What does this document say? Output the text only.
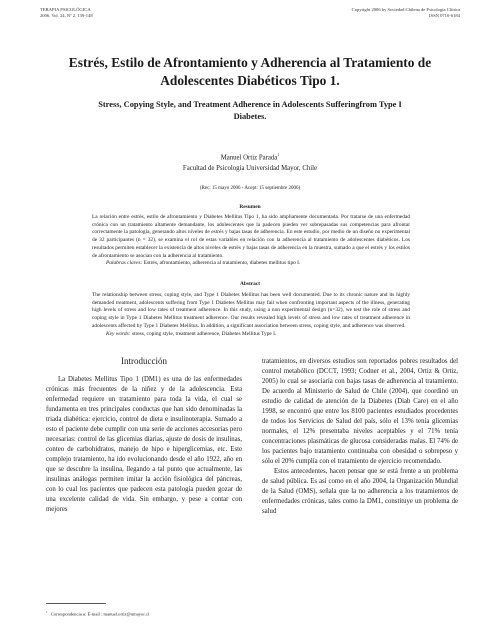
TERAPIA PSICOLÓGICA
2006, Vol. 24, Nº 2, 139-148
Copyright 2006 by Sociedad Chilena de Psicología Clínica
ISSN 0716-6184
Estrés, Estilo de Afrontamiento y Adherencia al Tratamiento de
Adolescentes Diabéticos Tipo 1.
Stress, Copying Style, and Treatment Adherence in Adolescents Sufferingfrom Type I
Diabetes.
Manuel Ortiz Parada$^1$
Facultad de Psicología Universidad Mayor, Chile
(Rec: 15 mayo 2006 - Acept: 15 septiembre 2006)
Resumen
La relación entre estrés, estilo de afrontamiento y Diabetes Mellitus Tipo 1, ha sido ampliamente documentada. Por tratarse de una enfermedad crónica con un tratamiento altamente demandante, los adolescentes que la padecen pueden ver sobrepasadas sus competencias para afrontar correctamente la patología, generando altos niveles de estrés y bajas tasas de adherencia. En este estudio, por medio de un diseño no experimental de 32 participantes (n = 32), se examina el rol de estas variables en relación con la adherencia al tratamiento de adolescentes diabéticos. Los resultados permiten establecer la existencia de altos niveles de estrés y bajas tasas de adherencia en la muestra, sumado a que el estrés y los estilos de afrontamiento se asocian con la adherencia al tratamiento.
Palabras claves: Estrés, afrontamiento, adherencia al tratamiento, diabetes mellitus tipo I.
Abstract
The relationship between stress, coping style, and Type 1 Diabetes Mellitus has been well documented. Due to its chronic nature and its highly demanded treatment, adolescents suffering from Type 1 Diabetes Mellitus may fail when confronting important aspects of the illness, generating high levels of stress and low rates of treatment adherence. In this study, using a non experimental design (n=32), we test the role of stress and coping style in Type 1 Diabetes Mellitus treatment adherence. Our results revealed high levels of stress and low rates of treatment adherence in adolescents affected by Type 1 Diabetes Mellitus. In addition, a significant association between stress, coping style, and adherence was observed.
Key words: stress, coping style, treatment adherence, Diabetes Mellitus Type I.
Introducción

La Diabetes Mellitus Tipo 1 (DM1) es una de las enfermedades crónicas más frecuentes de la niñez y de la adolescencia. Esta enfermedad requiere un tratamiento para toda la vida, el cual se fundamenta en tres principales conductas que han sido denominadas la triada diabética: ejercicio, control de dieta e insulinoterapia. Sumado a esto el paciente debe cumplir con una serie de acciones accesorias pero necesarias: control de las glicemias diarias, ajuste de dosis de insulinas, conteo de carbohidratos, manejo de hipo e hiperglicemias, etc. Este complejo tratamiento, ha ido evolucionando desde el año 1922, año en que se descubre la insulina, llegando a tal punto que actualmente, las insulinas análogas permiten imitar la acción fisiológica del páncreas, con lo cual los pacientes que padecen esta patología pueden gozar de una excelente calidad de vida. Sin embargo, y pese a contar con mejores

tratamientos, en diversos estudios son reportados pobres resultados del control metabólico (DCCT, 1993; Codner et al., 2004, Ortiz & Ortiz, 2005) lo cual se asociaría con bajas tasas de adherencia al tratamiento. De acuerdo al Ministerio de Salud de Chile (2004), que coordinó un estudio de calidad de atención de la Diabetes (Diab Care) en el año 1998, se encontró que entre los 8100 pacientes estudiados procedentes de todos los Servicios de Salud del país, sólo el 13% tenía glicemias normales, el 12% presentaba niveles aceptables y el 71% tenía concentraciones plasmáticas de glucosa consideradas malas. El 74% de los pacientes bajo tratamiento continuaba con obesidad o sobrepeso y sólo el 20% cumplía con el tratamiento de ejercicio recomendado.

Estos antecedentes, hacen pensar que se está frente a un problema de salud pública. Es así como en el año 2004, la Organización Mundial de la Salud (OMS), señala que la no adherencia a los tratamientos de enfermedades crónicas, tales como la DM1, constituye un problema de salud

$^1$ Correspondencia a: E-mail : manuel.ortiz@umayor.cl
